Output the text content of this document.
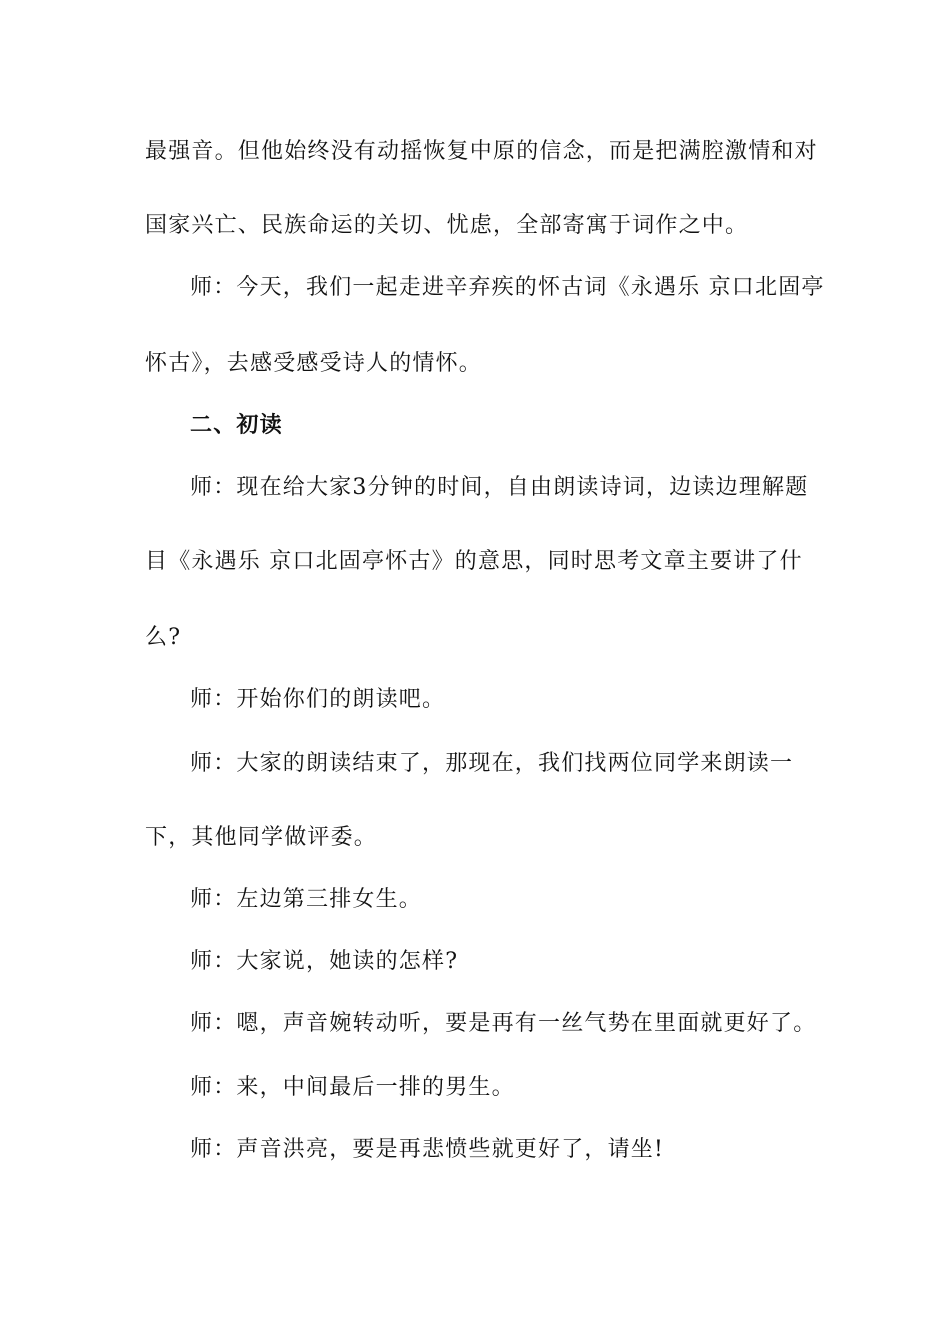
最强音。但他始终没有动摇恢复中原的信念，而是把满腔激情和对
国家兴亡、民族命运的关切、忧虑，全部寄寓于词作之中。
师：今天，我们一起走进辛弃疾的怀古词《永遇乐 京口北固亭
怀古》，去感受感受诗人的情怀。
二、初读
师：现在给大家3分钟的时间，自由朗读诗词，边读边理解题
目《永遇乐 京口北固亭怀古》的意思，同时思考文章主要讲了什
么?
师：开始你们的朗读吧。
师：大家的朗读结束了，那现在，我们找两位同学来朗读一
下，其他同学做评委。
师：左边第三排女生。
师：大家说，她读的怎样?
师：嗯，声音婉转动听，要是再有一丝气势在里面就更好了。
师：来，中间最后一排的男生。
师：声音洪亮，要是再悲愤些就更好了，请坐!
